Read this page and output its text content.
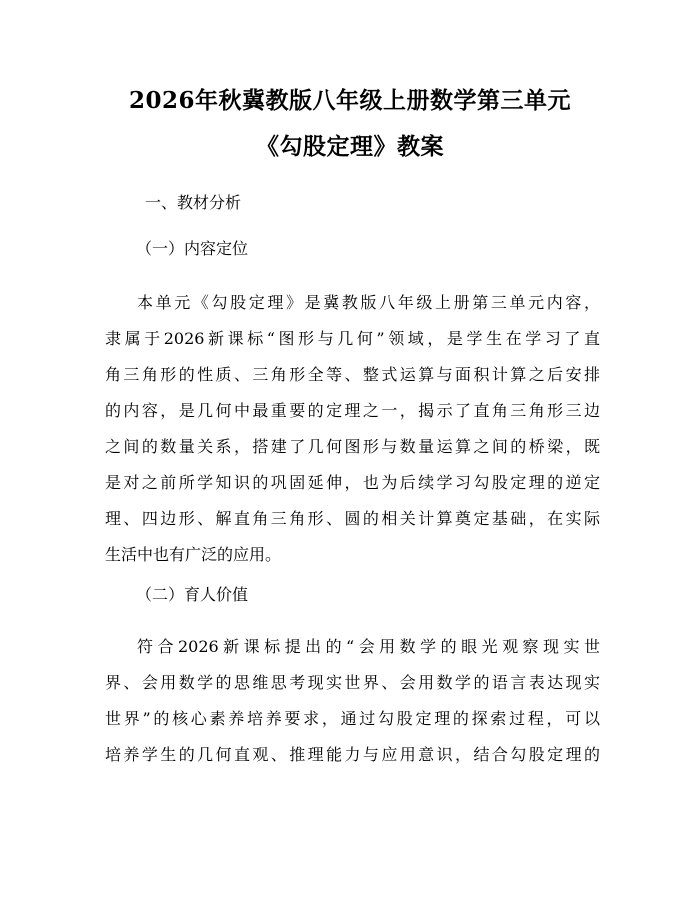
2026年秋冀教版八年级上册数学第三单元
《勾股定理》教案

一、教材分析

（一）内容定位

本单元《勾股定理》是冀教版八年级上册第三单元内容，
隶属于2026新课标“图形与几何”领域，是学生在学习了直
角三角形的性质、三角形全等、整式运算与面积计算之后安排
的内容，是几何中最重要的定理之一，揭示了直角三角形三边
之间的数量关系，搭建了几何图形与数量运算之间的桥梁，既
是对之前所学知识的巩固延伸，也为后续学习勾股定理的逆定
理、四边形、解直角三角形、圆的相关计算奠定基础，在实际
生活中也有广泛的应用。

（二）育人价值

符合2026新课标提出的“会用数学的眼光观察现实世
界、会用数学的思维思考现实世界、会用数学的语言表达现实
世界”的核心素养培养要求，通过勾股定理的探索过程，可以
培养学生的几何直观、推理能力与应用意识，结合勾股定理的
